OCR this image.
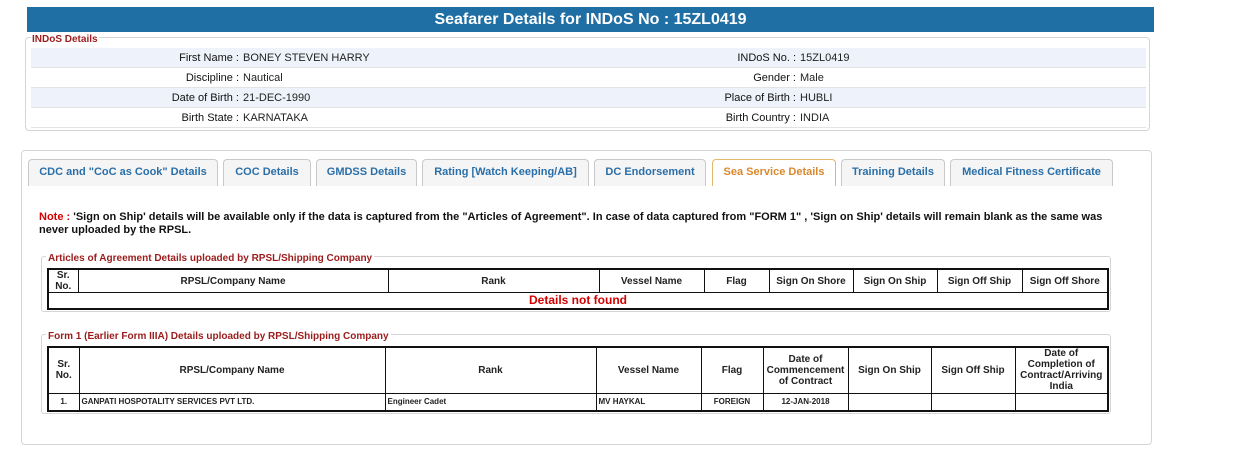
Seafarer Details for INDoS No : 15ZL0419
INDoS Details
First Name : BONEY STEVEN HARRY	INDoS No. : 15ZL0419
Discipline : Nautical	Gender : Male
Date of Birth : 21-DEC-1990	Place of Birth : HUBLI
Birth State : KARNATAKA	Birth Country : INDIA
CDC and "CoC as Cook" Details	COC Details	GMDSS Details	Rating [Watch Keeping/AB]	DC Endorsement	Sea Service Details	Training Details	Medical Fitness Certificate
Note : 'Sign on Ship' details will be available only if the data is captured from the "Articles of Agreement". In case of data captured from "FORM 1" , 'Sign on Ship' details will remain blank as the same was never uploaded by the RPSL.
Articles of Agreement Details uploaded by RPSL/Shipping Company
Sr. No.	RPSL/Company Name	Rank	Vessel Name	Flag	Sign On Shore	Sign On Ship	Sign Off Ship	Sign Off Shore
Details not found
Form 1 (Earlier Form IIIA) Details uploaded by RPSL/Shipping Company
Sr. No.	RPSL/Company Name	Rank	Vessel Name	Flag	Date of Commencement of Contract	Sign On Ship	Sign Off Ship	Date of Completion of Contract/Arriving India
1.	GANPATI HOSPOTALITY SERVICES PVT LTD.	Engineer Cadet	MV HAYKAL	FOREIGN	12-JAN-2018			
